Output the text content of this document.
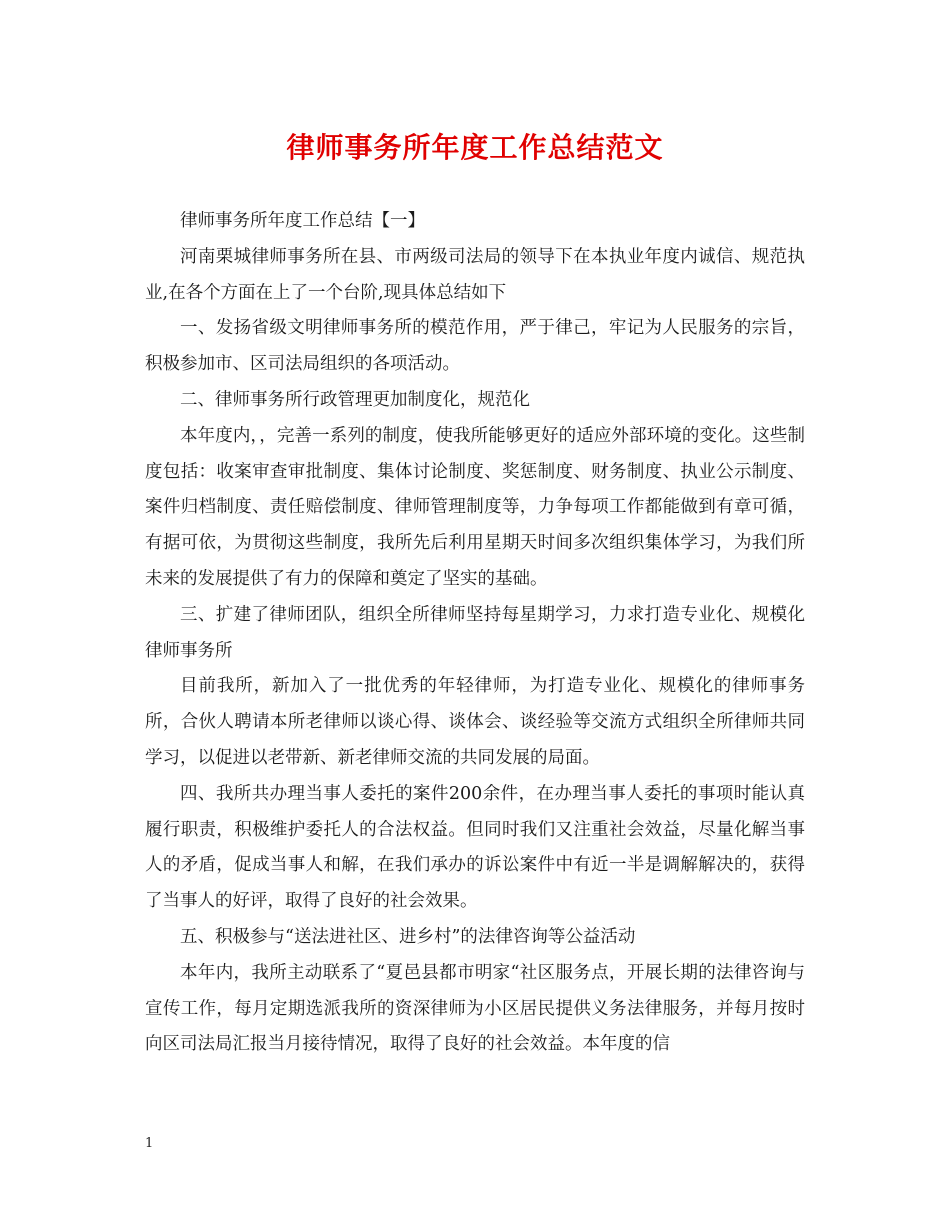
律师事务所年度工作总结范文

律师事务所年度工作总结【一】

河南栗城律师事务所在县、市两级司法局的领导下在本执业年度内诚信、规范执业,在各个方面在上了一个台阶,现具体总结如下

一、发扬省级文明律师事务所的模范作用，严于律己，牢记为人民服务的宗旨，积极参加市、区司法局组织的各项活动。

二、律师事务所行政管理更加制度化，规范化

本年度内，，完善一系列的制度，使我所能够更好的适应外部环境的变化。这些制度包括：收案审查审批制度、集体讨论制度、奖惩制度、财务制度、执业公示制度、案件归档制度、责任赔偿制度、律师管理制度等，力争每项工作都能做到有章可循，有据可依，为贯彻这些制度，我所先后利用星期天时间多次组织集体学习，为我们所未来的发展提供了有力的保障和奠定了坚实的基础。

三、扩建了律师团队，组织全所律师坚持每星期学习，力求打造专业化、规模化律师事务所

目前我所，新加入了一批优秀的年轻律师，为打造专业化、规模化的律师事务所，合伙人聘请本所老律师以谈心得、谈体会、谈经验等交流方式组织全所律师共同学习，以促进以老带新、新老律师交流的共同发展的局面。

四、我所共办理当事人委托的案件200余件，在办理当事人委托的事项时能认真履行职责，积极维护委托人的合法权益。但同时我们又注重社会效益，尽量化解当事人的矛盾，促成当事人和解，在我们承办的诉讼案件中有近一半是调解解决的，获得了当事人的好评，取得了良好的社会效果。

五、积极参与“送法进社区、进乡村”的法律咨询等公益活动

本年内，我所主动联系了“夏邑县都市明家“社区服务点，开展长期的法律咨询与宣传工作，每月定期选派我所的资深律师为小区居民提供义务法律服务，并每月按时向区司法局汇报当月接待情况，取得了良好的社会效益。本年度的信

1
